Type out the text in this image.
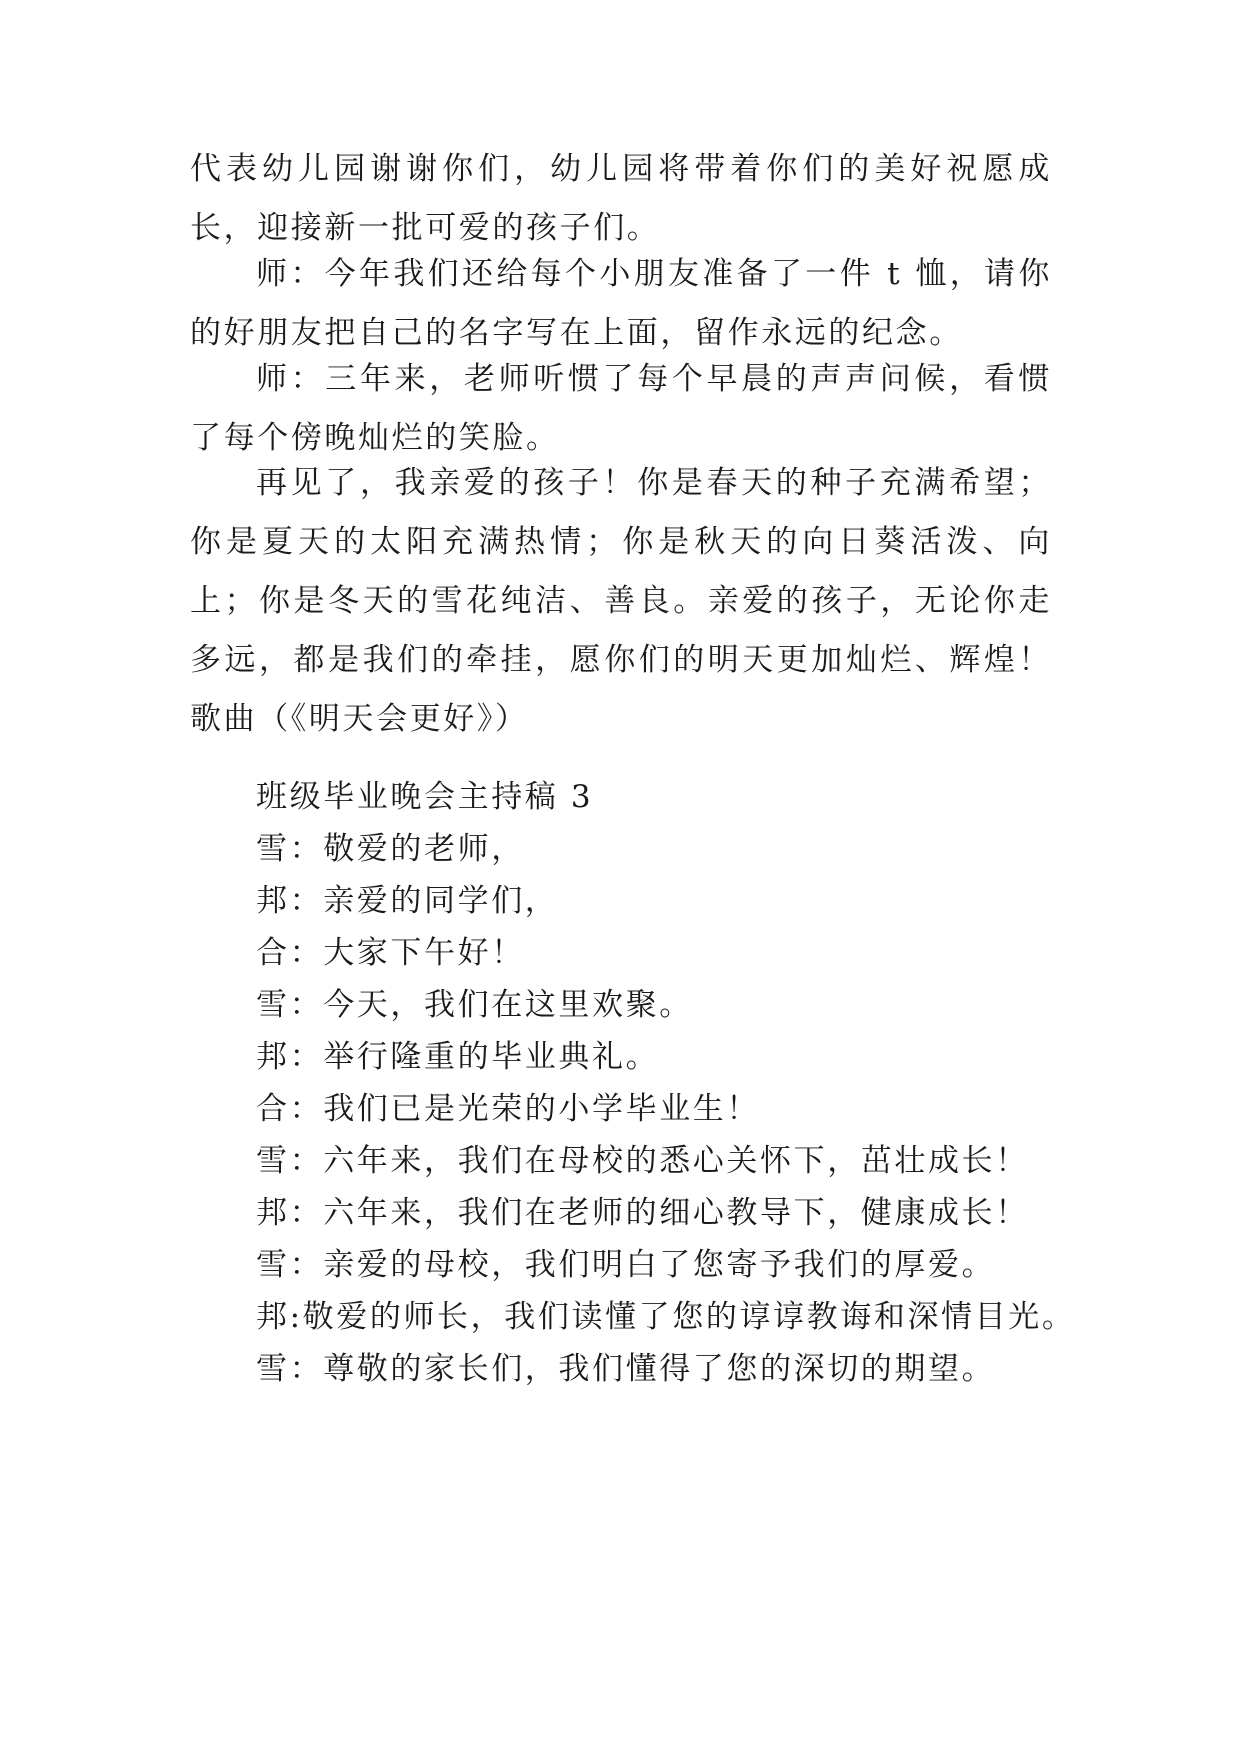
代表幼儿园谢谢你们，幼儿园将带着你们的美好祝愿成长，迎接新一批可爱的孩子们。

师：今年我们还给每个小朋友准备了一件 t 恤，请你的好朋友把自己的名字写在上面，留作永远的纪念。

师：三年来，老师听惯了每个早晨的声声问候，看惯了每个傍晚灿烂的笑脸。

再见了，我亲爱的孩子！你是春天的种子充满希望；你是夏天的太阳充满热情；你是秋天的向日葵活泼、向上；你是冬天的雪花纯洁、善良。亲爱的孩子，无论你走多远，都是我们的牵挂，愿你们的明天更加灿烂、辉煌！歌曲（《明天会更好》）

班级毕业晚会主持稿 3
雪：敬爱的老师，
邦：亲爱的同学们，
合：大家下午好！
雪：今天，我们在这里欢聚。
邦：举行隆重的毕业典礼。
合：我们已是光荣的小学毕业生！
雪：六年来，我们在母校的悉心关怀下，茁壮成长！
邦：六年来，我们在老师的细心教导下，健康成长！
雪：亲爱的母校，我们明白了您寄予我们的厚爱。
邦:敬爱的师长，我们读懂了您的谆谆教诲和深情目光。
雪：尊敬的家长们，我们懂得了您的深切的期望。
